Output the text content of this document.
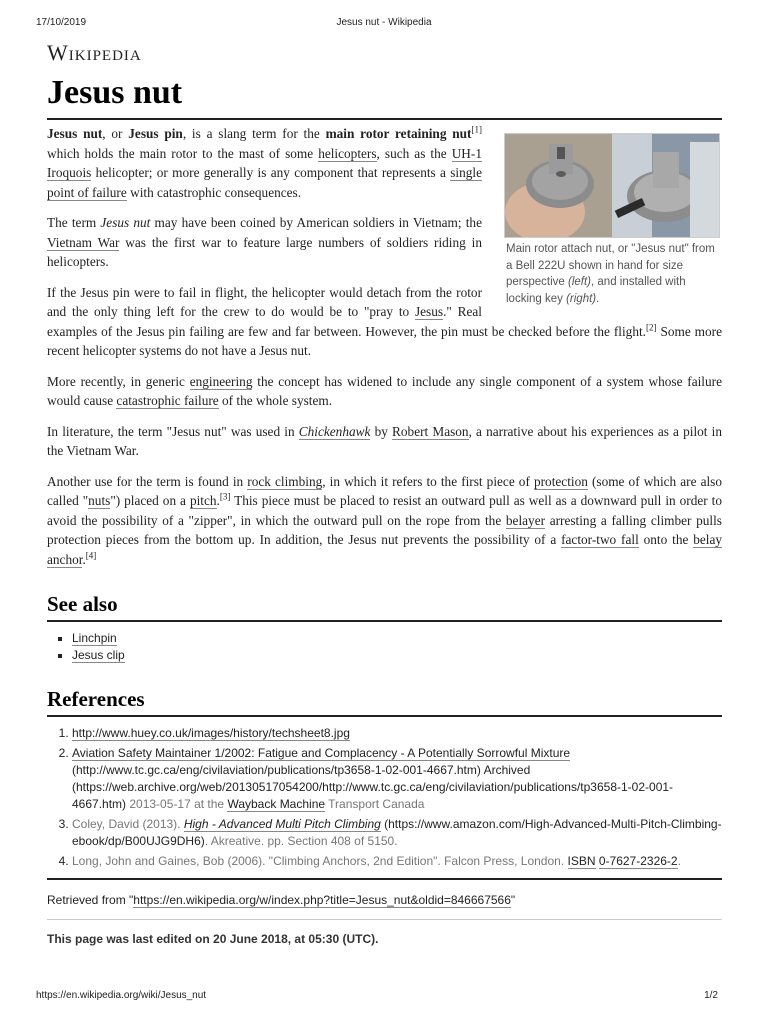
17/10/2019	Jesus nut - Wikipedia
Wikipedia
Jesus nut
Main rotor attach nut, or "Jesus nut" from a Bell 222U shown in hand for size perspective (left), and installed with locking key (right).

Jesus nut, or Jesus pin, is a slang term for the main rotor retaining nut[1] which holds the main rotor to the mast of some helicopters, such as the UH-1 Iroquois helicopter; or more generally is any component that represents a single point of failure with catastrophic consequences.

The term Jesus nut may have been coined by American soldiers in Vietnam; the Vietnam War was the first war to feature large numbers of soldiers riding in helicopters.

If the Jesus pin were to fail in flight, the helicopter would detach from the rotor and the only thing left for the crew to do would be to "pray to Jesus." Real examples of the Jesus pin failing are few and far between. However, the pin must be checked before the flight.[2] Some more recent helicopter systems do not have a Jesus nut.

More recently, in generic engineering the concept has widened to include any single component of a system whose failure would cause catastrophic failure of the whole system.

In literature, the term "Jesus nut" was used in Chickenhawk by Robert Mason, a narrative about his experiences as a pilot in the Vietnam War.

Another use for the term is found in rock climbing, in which it refers to the first piece of protection (some of which are also called "nuts") placed on a pitch.[3] This piece must be placed to resist an outward pull as well as a downward pull in order to avoid the possibility of a "zipper", in which the outward pull on the rope from the belayer arresting a falling climber pulls protection pieces from the bottom up. In addition, the Jesus nut prevents the possibility of a factor-two fall onto the belay anchor.[4]

See also
▪ Linchpin
▪ Jesus clip
References
1. http://www.huey.co.uk/images/history/techsheet8.jpg
2. Aviation Safety Maintainer 1/2002: Fatigue and Complacency - A Potentially Sorrowful Mixture (http://www.tc.gc.ca/eng/civilaviation/publications/tp3658-1-02-001-4667.htm) Archived (https://web.archive.org/web/20130517054200/http://www.tc.gc.ca/eng/civilaviation/publications/tp3658-1-02-001-4667.htm) 2013-05-17 at the Wayback Machine Transport Canada
3. Coley, David (2013). High - Advanced Multi Pitch Climbing (https://www.amazon.com/High-Advanced-Multi-Pitch-Climbing-ebook/dp/B00UJG9DH6). Akreative. pp. Section 408 of 5150.
4. Long, John and Gaines, Bob (2006). "Climbing Anchors, 2nd Edition". Falcon Press, London. ISBN 0-7627-2326-2.
Retrieved from "https://en.wikipedia.org/w/index.php?title=Jesus_nut&oldid=846667566"
This page was last edited on 20 June 2018, at 05:30 (UTC).
https://en.wikipedia.org/wiki/Jesus_nut	1/2
